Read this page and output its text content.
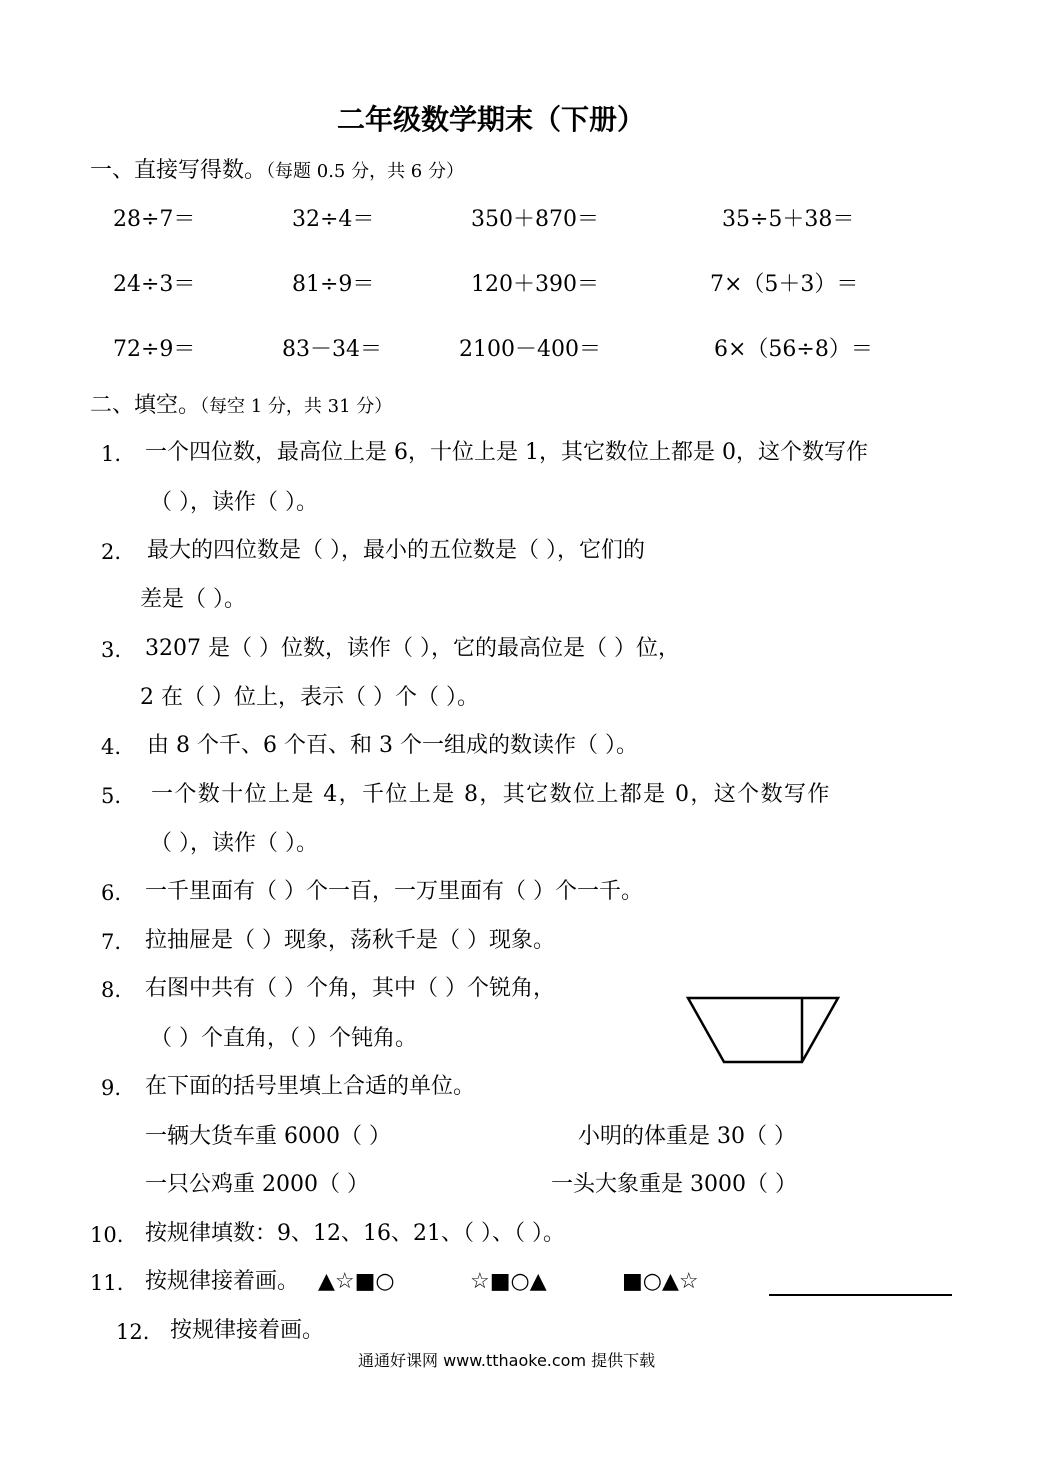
二年级数学期末（下册）
一、直接写得数。（每题 0.5 分，共 6 分）
28÷7＝	32÷4＝	350＋870＝	35÷5＋38＝
24÷3＝	81÷9＝	120＋390＝	7×（5＋3）＝
72÷9＝	83－34＝	2100－400＝	6×（56÷8）＝
二、填空。（每空 1 分，共 31 分）
1. 一个四位数，最高位上是 6，十位上是 1，其它数位上都是 0，这个数写作
（ ），读作（ ）。
2. 最大的四位数是（ ），最小的五位数是（ ），它们的
差是（ ）。
3. 3207 是（ ）位数，读作（ ），它的最高位是（ ）位，
2 在（ ）位上，表示（ ）个（ ）。
4. 由 8 个千、6 个百、和 3 个一组成的数读作（ ）。
5. 一个数十位上是 4，千位上是 8，其它数位上都是 0，这个数写作
（ ），读作（ ）。
6. 一千里面有（ ）个一百，一万里面有（ ）个一千。
7. 拉抽屉是（ ）现象，荡秋千是（ ）现象。
8. 右图中共有（ ）个角，其中（ ）个锐角，
（ ）个直角，（ ）个钝角。
9. 在下面的括号里填上合适的单位。
一辆大货车重 6000（ ）	小明的体重是 30（ ）
一只公鸡重 2000（ ）	一头大象重是 3000（ ）
10. 按规律填数：9、12、16、21、（ ）、（ ）。
11. 按规律接着画。 ▲☆■○	☆■○▲	■○▲☆
12. 按规律接着画。
通通好课网 www.tthaoke.com 提供下载
